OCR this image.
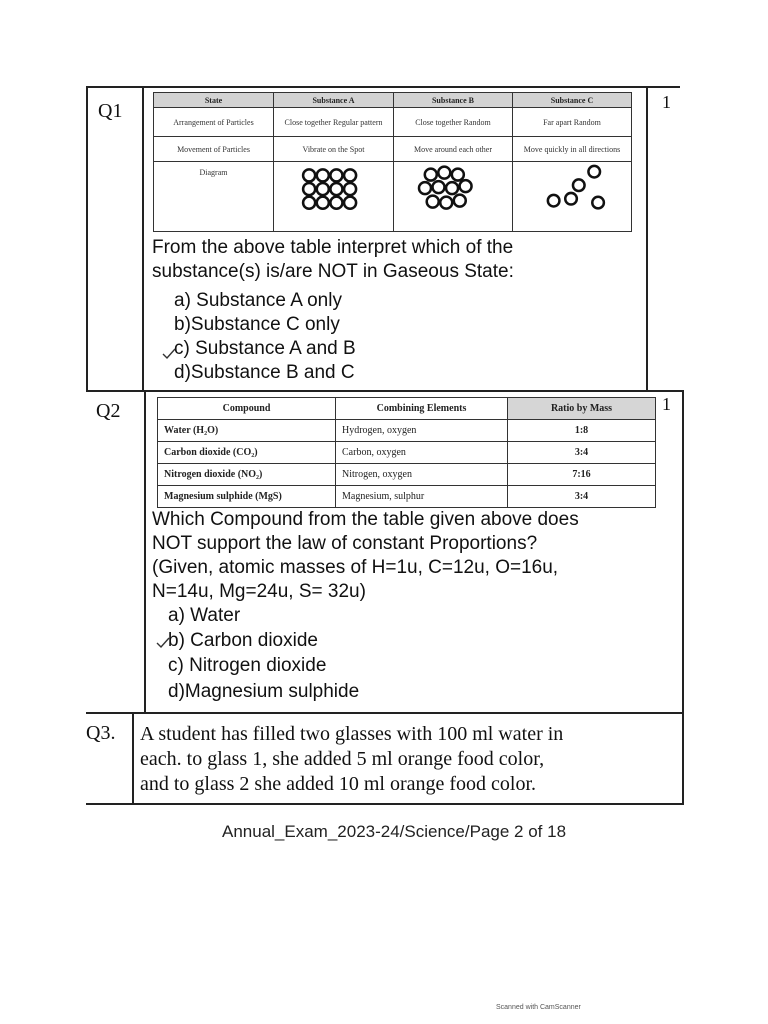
Q1	1
State	Substance A	Substance B	Substance C
Arrangement of Particles	Close together Regular pattern	Close together Random	Far apart Random
Movement of Particles	Vibrate on the Spot	Move around each other	Move quickly in all directions
Diagram	

From the above table interpret which of the
substance(s) is/are NOT in Gaseous State:
a) Substance A only
b)Substance C only
c) Substance A and B
d)Substance B and C
Q2	1
Compound	Combining Elements	Ratio by Mass
Water (H₂O)	Hydrogen, oxygen	1:8
Carbon dioxide (CO₂)	Carbon, oxygen	3:4
Nitrogen dioxide (NO₂)	Nitrogen, oxygen	7:16
Magnesium sulphide (MgS)	Magnesium, sulphur	3:4
Which Compound from the table given above does
NOT support the law of constant Proportions?
(Given, atomic masses of H=1u, C=12u, O=16u,
N=14u, Mg=24u, S= 32u)
a) Water
b) Carbon dioxide
c) Nitrogen dioxide
d)Magnesium sulphide
Q3. A student has filled two glasses with 100 ml water in
each. to glass 1, she added 5 ml orange food color,
and to glass 2 she added 10 ml orange food color.
Annual_Exam_2023-24/Science/Page 2 of 18
Scanned with CamScanner
